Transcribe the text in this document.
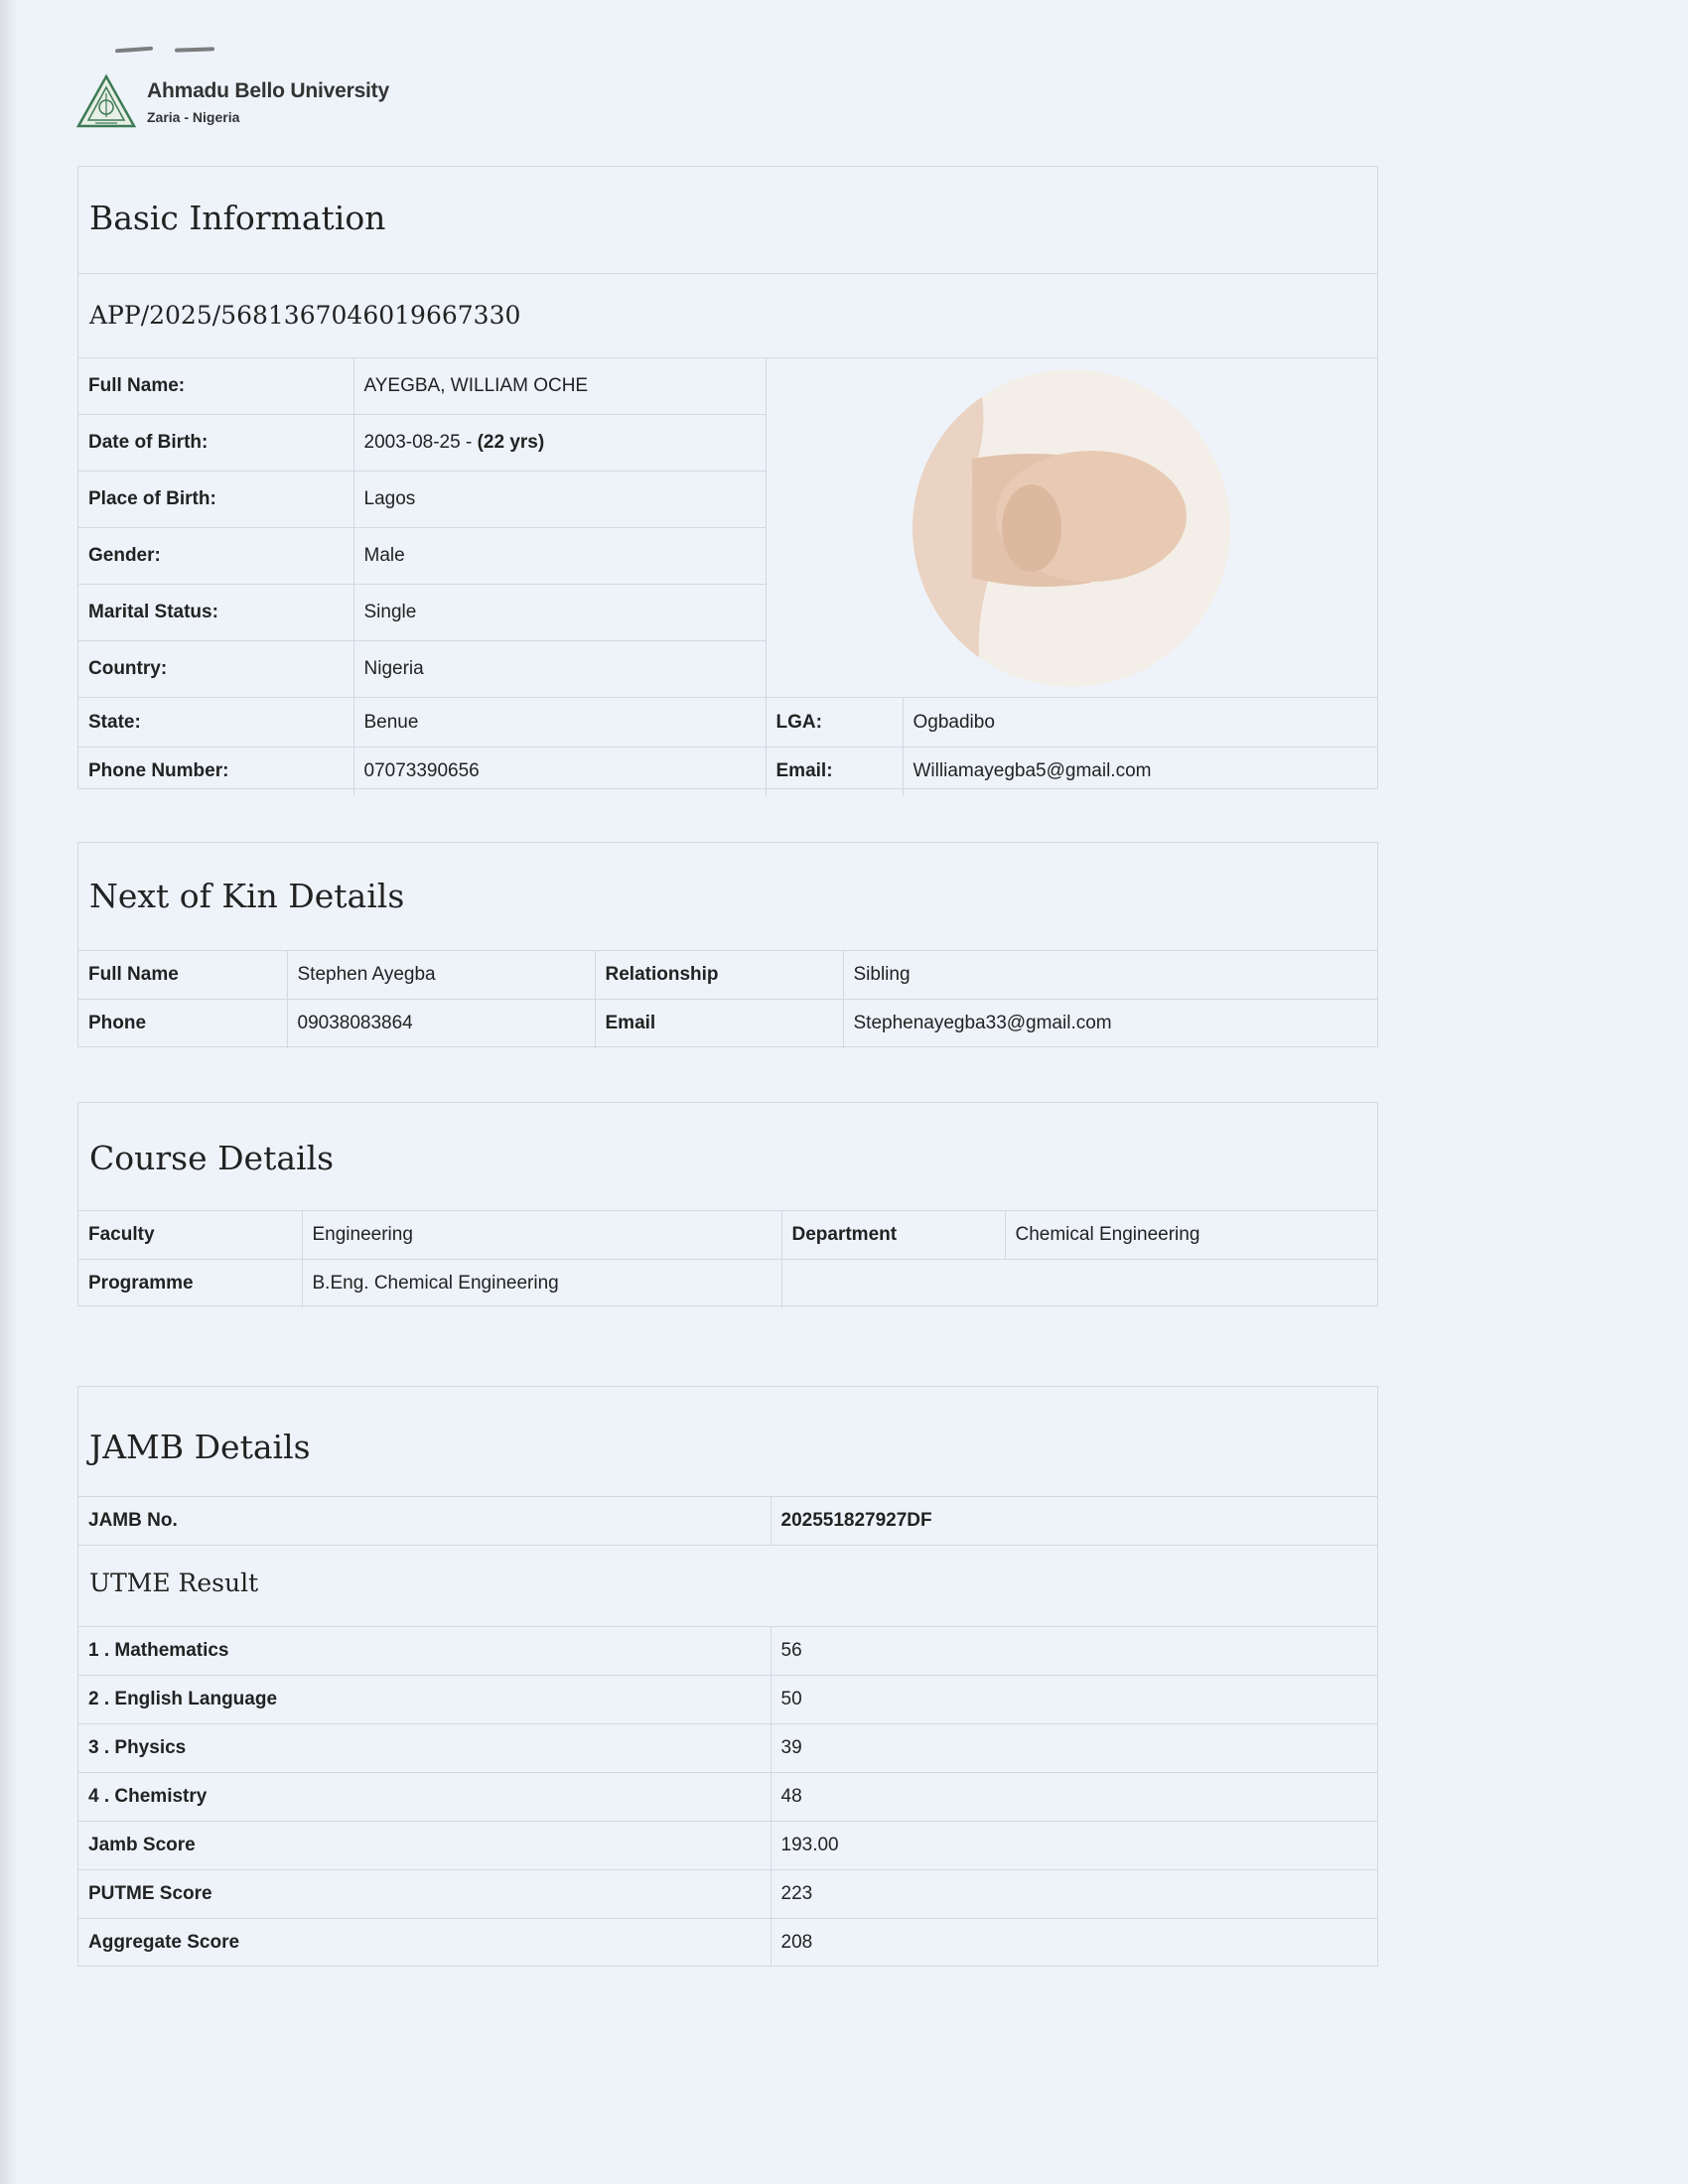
Ahmadu Bello University
Zaria - Nigeria
Basic Information
APP/2025/5681367046019667330
Full Name:	AYEGBA, WILLIAM OCHE	

Date of Birth:	2003-08-25 - (22 yrs)		
Place of Birth:	Lagos		
Gender:	Male		
Marital Status:	Single		
Country:	Nigeria		
State:	Benue	LGA:	Ogbadibo
Phone Number:	07073390656	Email:	Williamayegba5@gmail.com
Next of Kin Details
Full Name	Stephen Ayegba	Relationship	Sibling
Phone	09038083864	Email	Stephenayegba33@gmail.com
Course Details
Faculty	Engineering	Department	Chemical Engineering
Programme	B.Eng. Chemical Engineering		
JAMB Details
JAMB No.	202551827927DF
UTME Result
1 . Mathematics	56
2 . English Language	50
3 . Physics	39
4 . Chemistry	48
Jamb Score	193.00
PUTME Score	223
Aggregate Score	208
